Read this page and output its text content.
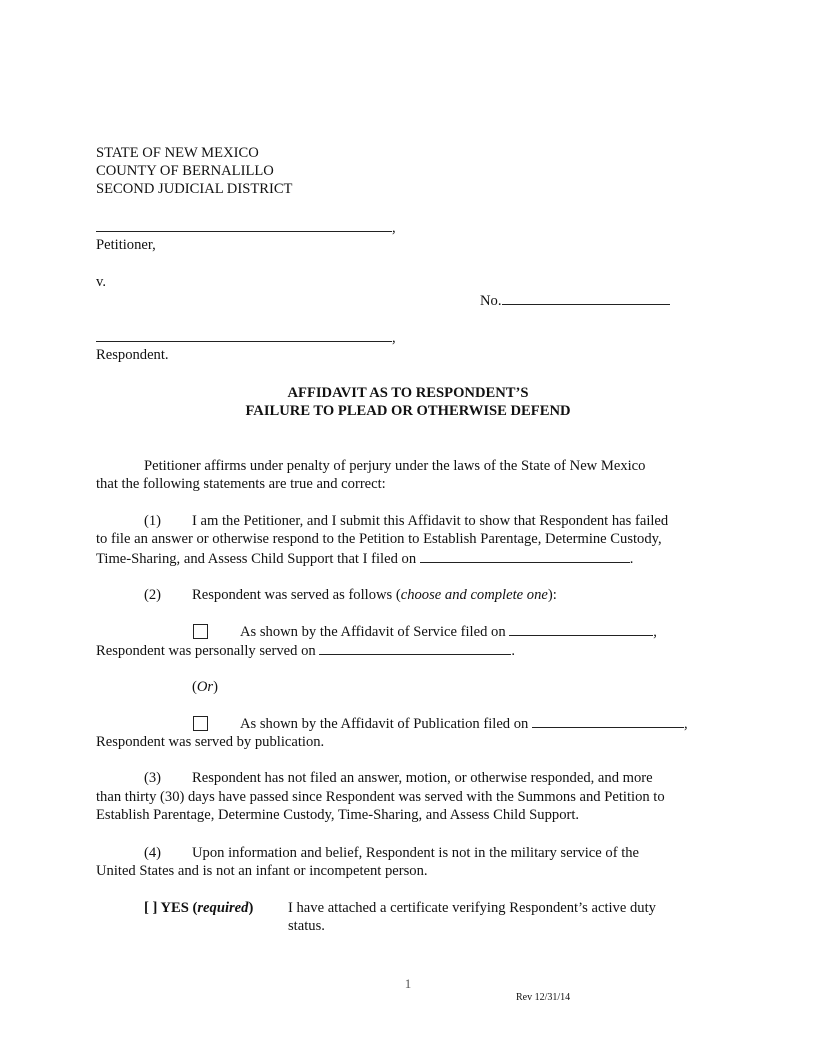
STATE OF NEW MEXICO
COUNTY OF BERNALILLO
SECOND JUDICIAL DISTRICT
,
Petitioner,
v.
No.
,
Respondent.
AFFIDAVIT AS TO RESPONDENT’S
FAILURE TO PLEAD OR OTHERWISE DEFEND
Petitioner affirms under penalty of perjury under the laws of the State of New Mexico
that the following statements are true and correct:
(1) I am the Petitioner, and I submit this Affidavit to show that Respondent has failed
to file an answer or otherwise respond to the Petition to Establish Parentage, Determine Custody,
Time-Sharing, and Assess Child Support that I filed on	.
(2) Respondent was served as follows (choose and complete one):
As shown by the Affidavit of Service filed on	,
Respondent was personally served on	.
(Or)
As shown by the Affidavit of Publication filed on	,
Respondent was served by publication.
(3) Respondent has not filed an answer, motion, or otherwise responded, and more
than thirty (30) days have passed since Respondent was served with the Summons and Petition to
Establish Parentage, Determine Custody, Time-Sharing, and Assess Child Support.
(4) Upon information and belief, Respondent is not in the military service of the
United States and is not an infant or incompetent person.
[ ] YES (required) I have attached a certificate verifying Respondent’s active duty
status.
1
Rev 12/31/14
